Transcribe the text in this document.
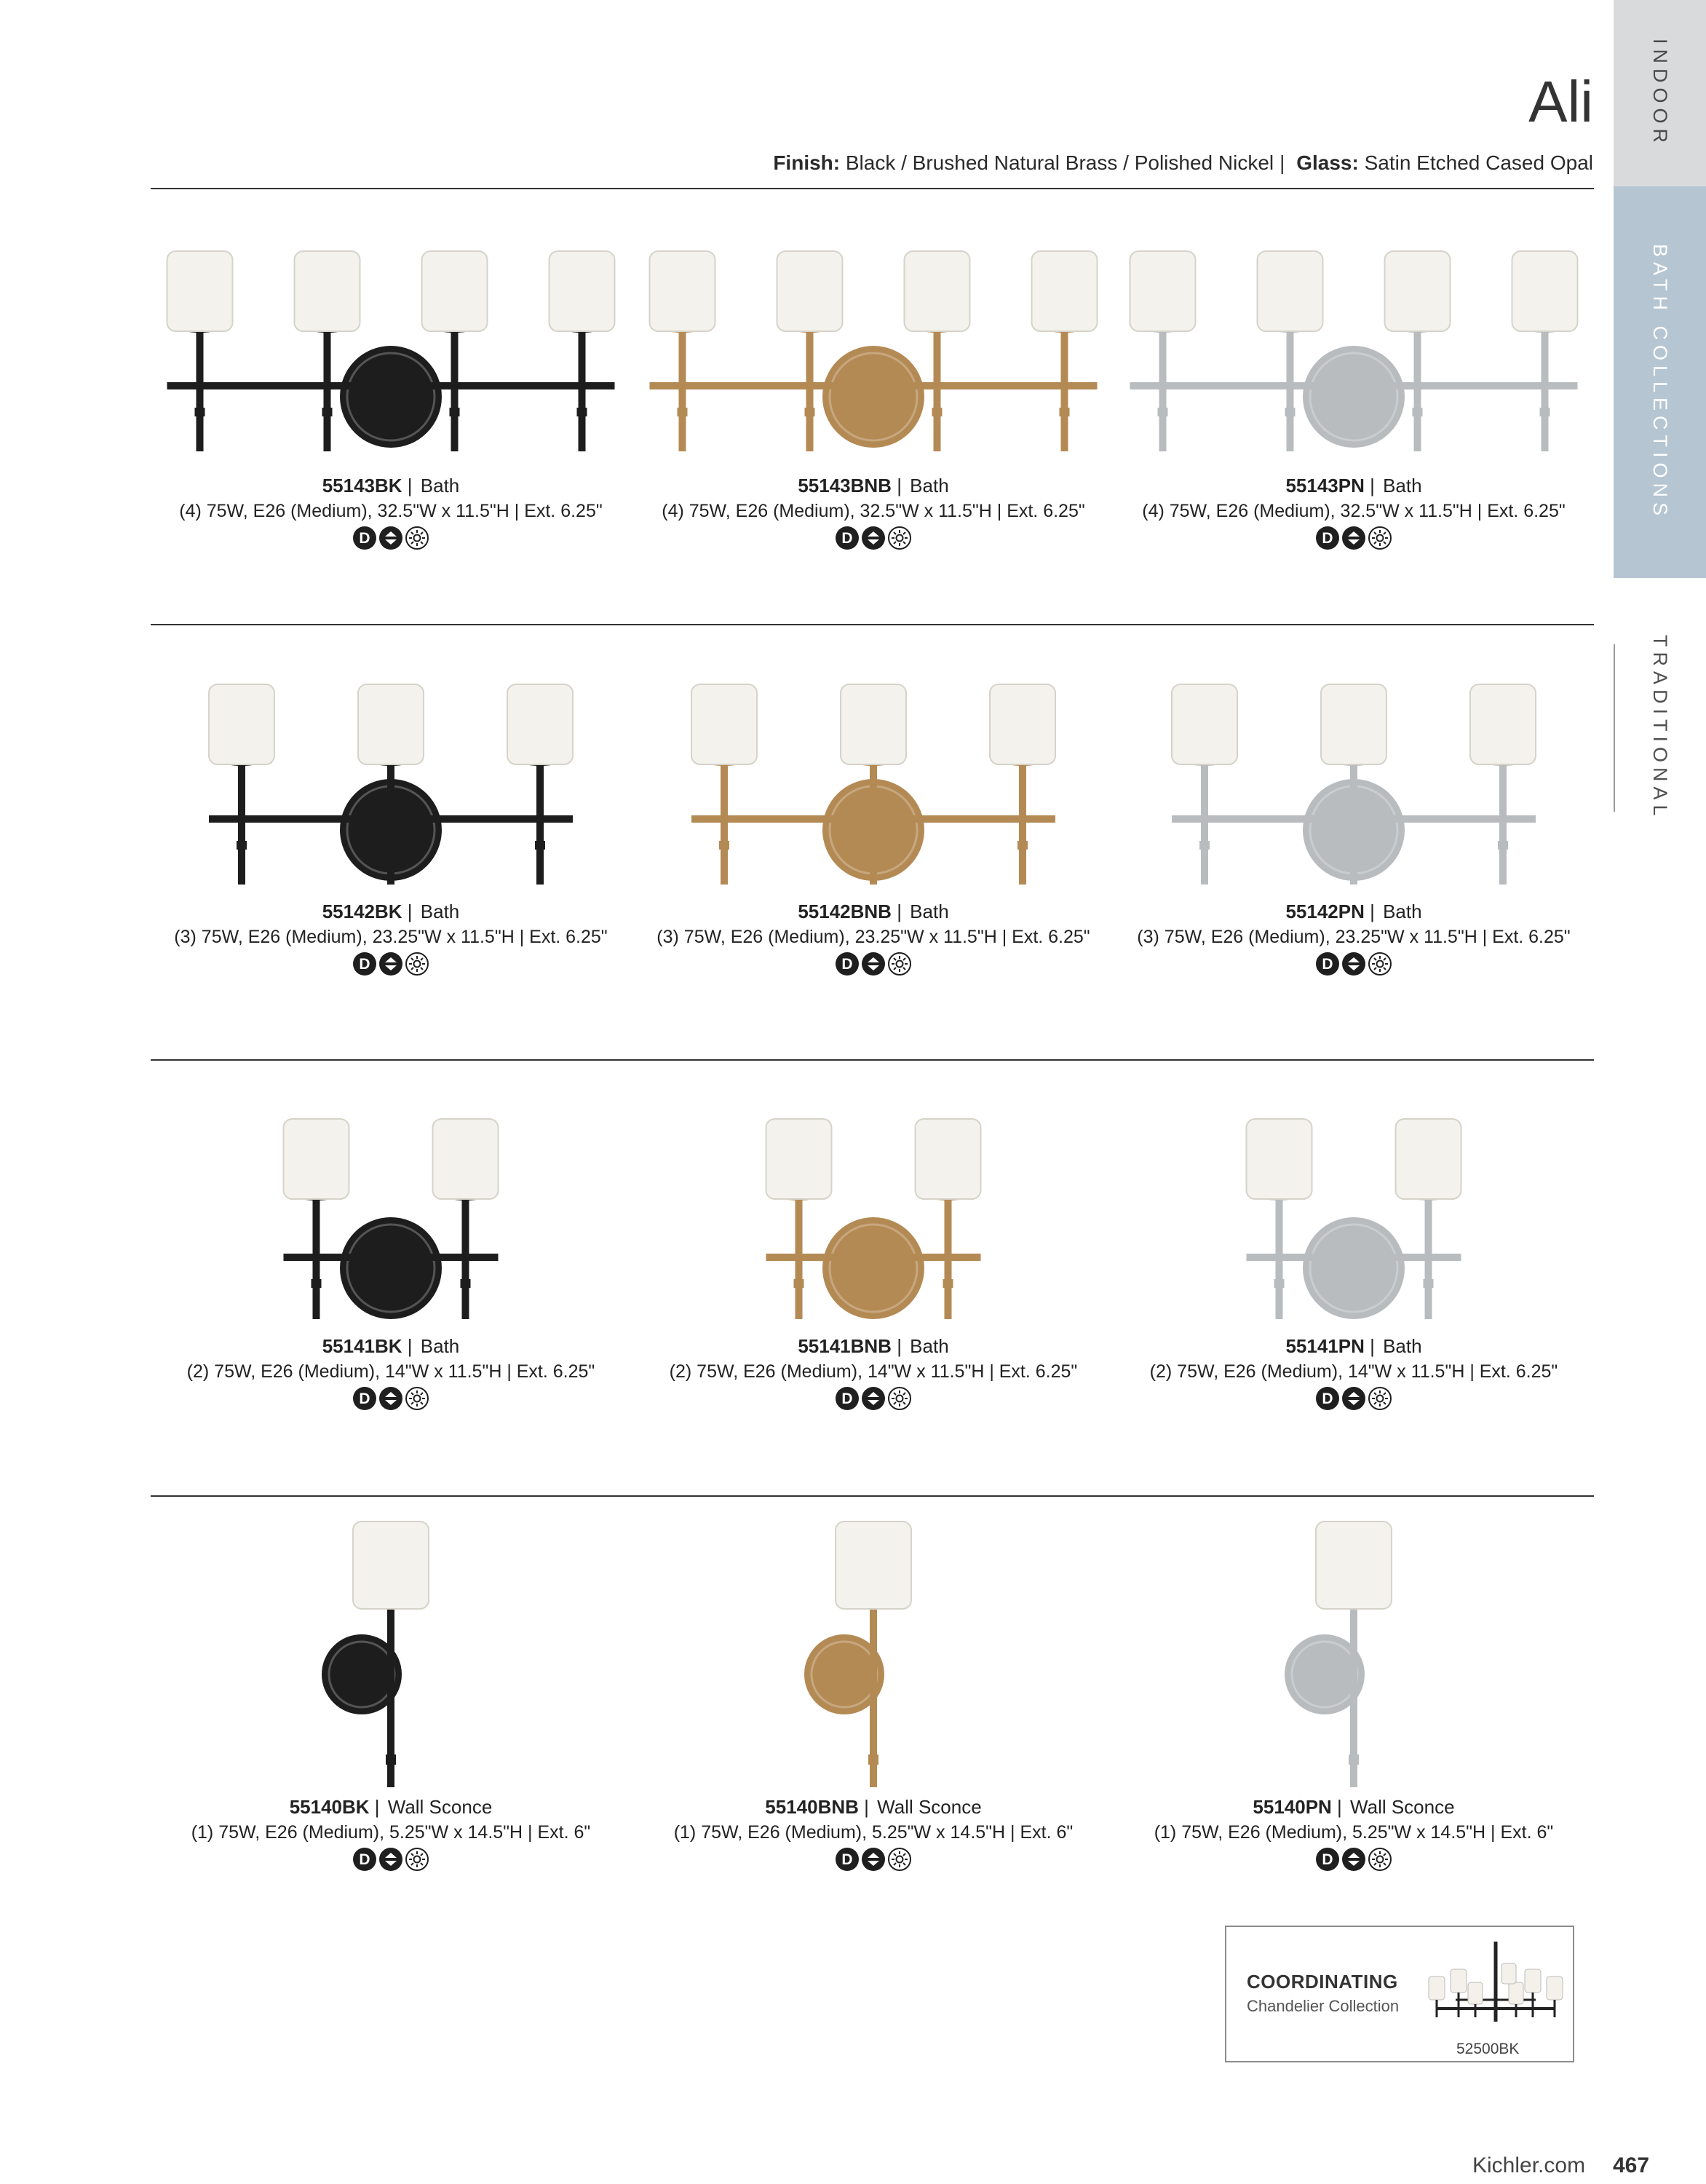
INDOOR
BATH COLLECTIONS
TRADITIONAL
Ali
Finish: Black / Brushed Natural Brass / Polished Nickel | Glass: Satin Etched Cased Opal
55143BK | Bath
(4) 75W, E26 (Medium), 32.5"W x 11.5"H | Ext. 6.25"
D
55143BNB | Bath
(4) 75W, E26 (Medium), 32.5"W x 11.5"H | Ext. 6.25"
D
55143PN | Bath
(4) 75W, E26 (Medium), 32.5"W x 11.5"H | Ext. 6.25"
D
55142BK | Bath
(3) 75W, E26 (Medium), 23.25"W x 11.5"H | Ext. 6.25"
D
55142BNB | Bath
(3) 75W, E26 (Medium), 23.25"W x 11.5"H | Ext. 6.25"
D
55142PN | Bath
(3) 75W, E26 (Medium), 23.25"W x 11.5"H | Ext. 6.25"
D
55141BK | Bath
(2) 75W, E26 (Medium), 14"W x 11.5"H | Ext. 6.25"
D
55141BNB | Bath
(2) 75W, E26 (Medium), 14"W x 11.5"H | Ext. 6.25"
D
55141PN | Bath
(2) 75W, E26 (Medium), 14"W x 11.5"H | Ext. 6.25"
D
55140BK | Wall Sconce
(1) 75W, E26 (Medium), 5.25"W x 14.5"H | Ext. 6"
D
55140BNB | Wall Sconce
(1) 75W, E26 (Medium), 5.25"W x 14.5"H | Ext. 6"
D
55140PN | Wall Sconce
(1) 75W, E26 (Medium), 5.25"W x 14.5"H | Ext. 6"
D
COORDINATING
Chandelier Collection
52500BK
Kichler.com 467
